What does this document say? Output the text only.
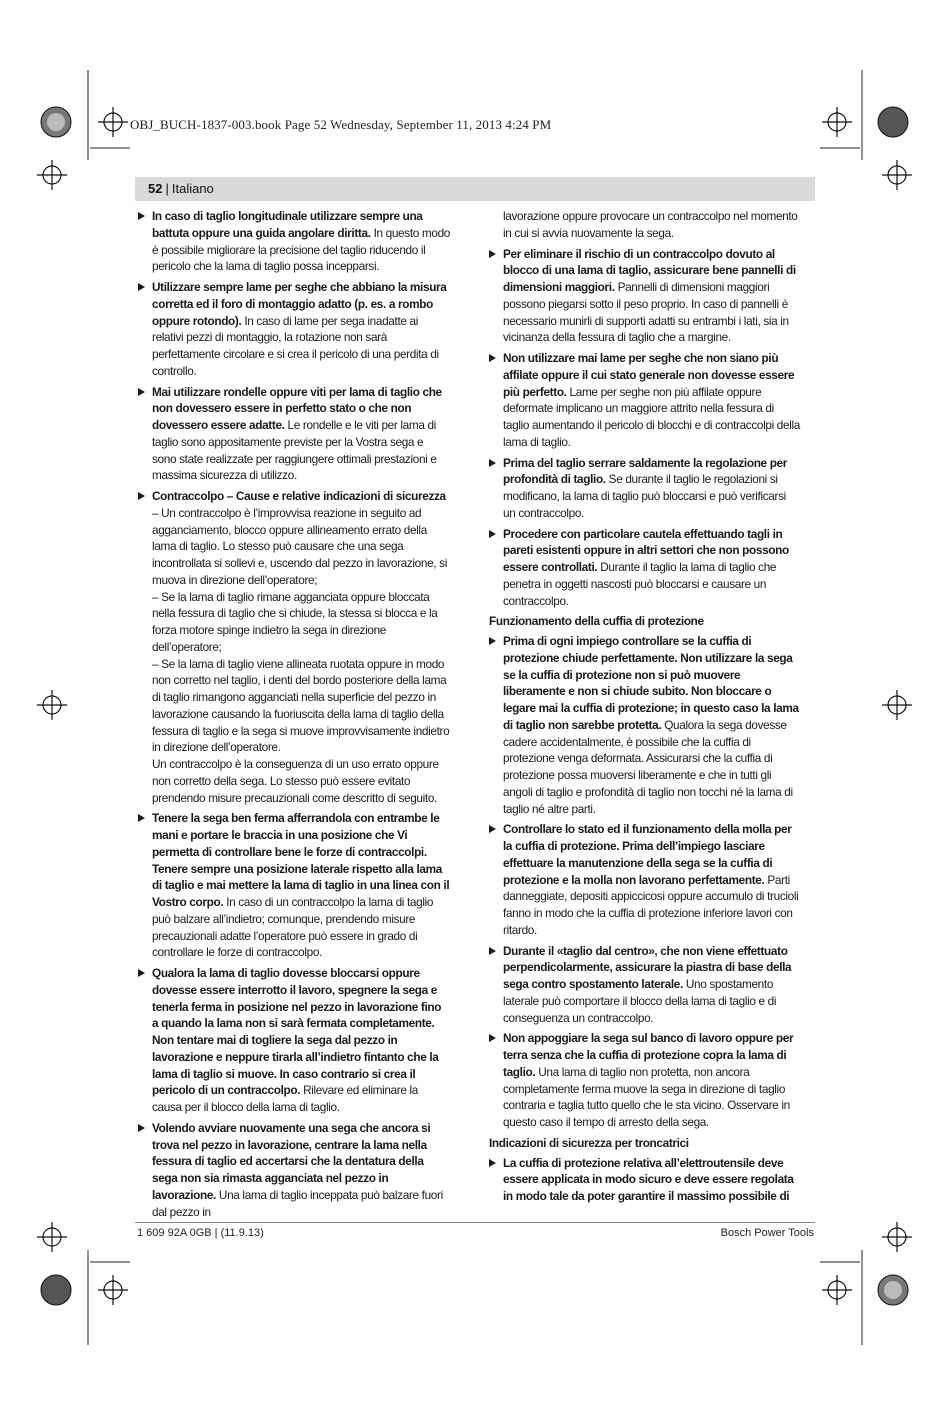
OBJ_BUCH-1837-003.book Page 52 Wednesday, September 11, 2013 4:24 PM
52 | Italiano
In caso di taglio longitudinale utilizzare sempre una battuta oppure una guida angolare diritta. In questo modo è possibile migliorare la precisione del taglio riducendo il pericolo che la lama di taglio possa incepparsi.
Utilizzare sempre lame per seghe che abbiano la misura corretta ed il foro di montaggio adatto (p. es. a rombo oppure rotondo). In caso di lame per sega inadatte ai relativi pezzi di montaggio, la rotazione non sarà perfettamente circolare e si crea il pericolo di una perdita di controllo.
Mai utilizzare rondelle oppure viti per lama di taglio che non dovessero essere in perfetto stato o che non dovessero essere adatte. Le rondelle e le viti per lama di taglio sono appositamente previste per la Vostra sega e sono state realizzate per raggiungere ottimali prestazioni e massima sicurezza di utilizzo.
Contraccolpo – Cause e relative indicazioni di sicurezza
– Un contraccolpo è l’improvvisa reazione in seguito ad agganciamento, blocco oppure allineamento errato della lama di taglio. Lo stesso può causare che una sega incontrollata si sollevi e, uscendo dal pezzo in lavorazione, si muova in direzione dell’operatore;
– Se la lama di taglio rimane agganciata oppure bloccata nella fessura di taglio che si chiude, la stessa si blocca e la forza motore spinge indietro la sega in direzione dell’operatore;
– Se la lama di taglio viene allineata ruotata oppure in modo non corretto nel taglio, i denti del bordo posteriore della lama di taglio rimangono agganciati nella superficie del pezzo in lavorazione causando la fuoriuscita della lama di taglio della fessura di taglio e la sega si muove improvvisamente indietro in direzione dell’operatore.
Un contraccolpo è la conseguenza di un uso errato oppure non corretto della sega. Lo stesso può essere evitato prendendo misure precauzionali come descritto di seguito.
Tenere la sega ben ferma afferrandola con entrambe le mani e portare le braccia in una posizione che Vi permetta di controllare bene le forze di contraccolpi. Tenere sempre una posizione laterale rispetto alla lama di taglio e mai mettere la lama di taglio in una linea con il Vostro corpo. In caso di un contraccolpo la lama di taglio può balzare all’indietro; comunque, prendendo misure precauzionali adatte l’operatore può essere in grado di controllare le forze di contraccolpo.
Qualora la lama di taglio dovesse bloccarsi oppure dovesse essere interrotto il lavoro, spegnere la sega e tenerla ferma in posizione nel pezzo in lavorazione fino a quando la lama non si sarà fermata completamente. Non tentare mai di togliere la sega dal pezzo in lavorazione e neppure tirarla all’indietro fintanto che la lama di taglio si muove. In caso contrario si crea il pericolo di un contraccolpo. Rilevare ed eliminare la causa per il blocco della lama di taglio.
Volendo avviare nuovamente una sega che ancora si trova nel pezzo in lavorazione, centrare la lama nella fessura di taglio ed accertarsi che la dentatura della sega non sia rimasta agganciata nel pezzo in lavorazione. Una lama di taglio inceppata può balzare fuori dal pezzo in
lavorazione oppure provocare un contraccolpo nel momento in cui si avvia nuovamente la sega.
Per eliminare il rischio di un contraccolpo dovuto al blocco di una lama di taglio, assicurare bene pannelli di dimensioni maggiori. Pannelli di dimensioni maggiori possono piegarsi sotto il peso proprio. In caso di pannelli è necessario munirli di supporti adatti su entrambi i lati, sia in vicinanza della fessura di taglio che a margine.
Non utilizzare mai lame per seghe che non siano più affilate oppure il cui stato generale non dovesse essere più perfetto. Lame per seghe non più affilate oppure deformate implicano un maggiore attrito nella fessura di taglio aumentando il pericolo di blocchi e di contraccolpi della lama di taglio.
Prima del taglio serrare saldamente la regolazione per profondità di taglio. Se durante il taglio le regolazioni si modificano, la lama di taglio può bloccarsi e può verificarsi un contraccolpo.
Procedere con particolare cautela effettuando tagli in pareti esistenti oppure in altri settori che non possono essere controllati. Durante il taglio la lama di taglio che penetra in oggetti nascosti può bloccarsi e causare un contraccolpo.
Funzionamento della cuffia di protezione
Prima di ogni impiego controllare se la cuffia di protezione chiude perfettamente. Non utilizzare la sega se la cuffia di protezione non si può muovere liberamente e non si chiude subito. Non bloccare o legare mai la cuffia di protezione; in questo caso la lama di taglio non sarebbe protetta. Qualora la sega dovesse cadere accidentalmente, è possibile che la cuffia di protezione venga deformata. Assicurarsi che la cuffia di protezione possa muoversi liberamente e che in tutti gli angoli di taglio e profondità di taglio non tocchi né la lama di taglio né altre parti.
Controllare lo stato ed il funzionamento della molla per la cuffia di protezione. Prima dell’impiego lasciare effettuare la manutenzione della sega se la cuffia di protezione e la molla non lavorano perfettamente. Parti danneggiate, depositi appiccicosi oppure accumulo di trucioli fanno in modo che la cuffia di protezione inferiore lavori con ritardo.
Durante il «taglio dal centro», che non viene effettuato perpendicolarmente, assicurare la piastra di base della sega contro spostamento laterale. Uno spostamento laterale può comportare il blocco della lama di taglio e di conseguenza un contraccolpo.
Non appoggiare la sega sul banco di lavoro oppure per terra senza che la cuffia di protezione copra la lama di taglio. Una lama di taglio non protetta, non ancora completamente ferma muove la sega in direzione di taglio contraria e taglia tutto quello che le sta vicino. Osservare in questo caso il tempo di arresto della sega.
Indicazioni di sicurezza per troncatrici
La cuffia di protezione relativa all’elettroutensile deve essere applicata in modo sicuro e deve essere regolata in modo tale da poter garantire il massimo possibile di
1 609 92A 0GB | (11.9.13)	Bosch Power Tools
